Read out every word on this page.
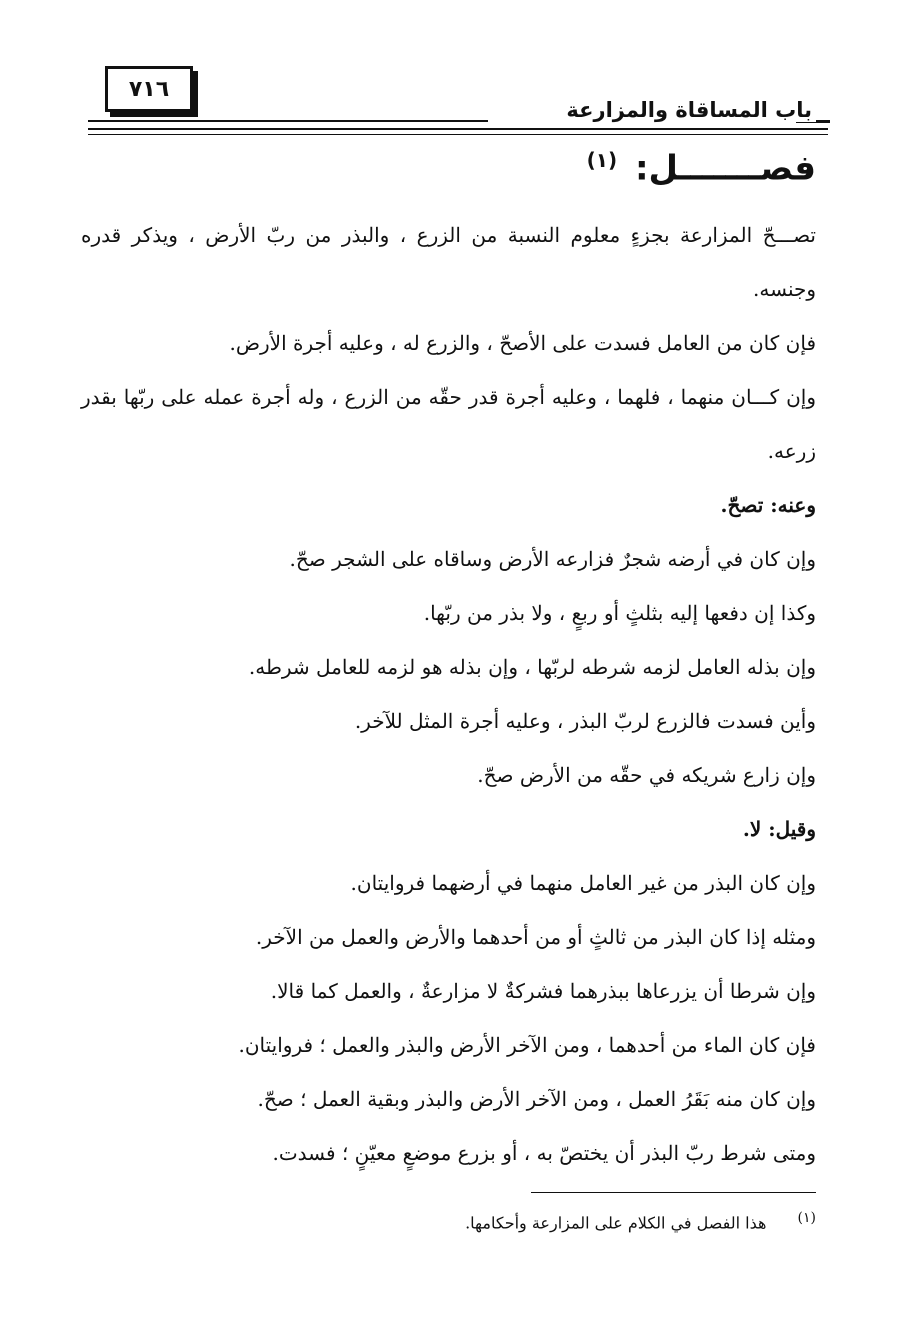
٧١٦
باب المساقاة والمزارعة
فصـــــــل: $^{(١)}$

تصـــحّ المزارعة بجزءٍ معلوم النسبة من الزرع ، والبذر من ربّ الأرض ، ويذكر قدره وجنسه.

فإن كان من العامل فسدت على الأصحّ ، والزرع له ، وعليه أجرة الأرض.

وإن كـــان منهما ، فلهما ، وعليه أجرة قدر حقّه من الزرع ، وله أجرة عمله على ربّها بقدر زرعه.

وعنه: تصحّ.

وإن كان في أرضه شجرٌ فزارعه الأرض وساقاه على الشجر صحّ.

وكذا إن دفعها إليه بثلثٍ أو ربعٍ ، ولا بذر من ربّها.

وإن بذله العامل لزمه شرطه لربّها ، وإن بذله هو لزمه للعامل شرطه.

وأين فسدت فالزرع لربّ البذر ، وعليه أجرة المثل للآخر.

وإن زارع شريكه في حقّه من الأرض صحّ.

وقيل: لا.

وإن كان البذر من غير العامل منهما في أرضهما فروايتان.

ومثله إذا كان البذر من ثالثٍ أو من أحدهما والأرض والعمل من الآخر.

وإن شرطا أن يزرعاها ببذرهما فشركةٌ لا مزارعةٌ ، والعمل كما قالا.

فإن كان الماء من أحدهما ، ومن الآخر الأرض والبذر والعمل ؛ فروايتان.

وإن كان منه بَقَرُ العمل ، ومن الآخر الأرض والبذر وبقية العمل ؛ صحّ.

ومتى شرط ربّ البذر أن يختصّ به ، أو بزرع موضعٍ معيّنٍ ؛ فسدت.

(١) هذا الفصل في الكلام على المزارعة وأحكامها.
